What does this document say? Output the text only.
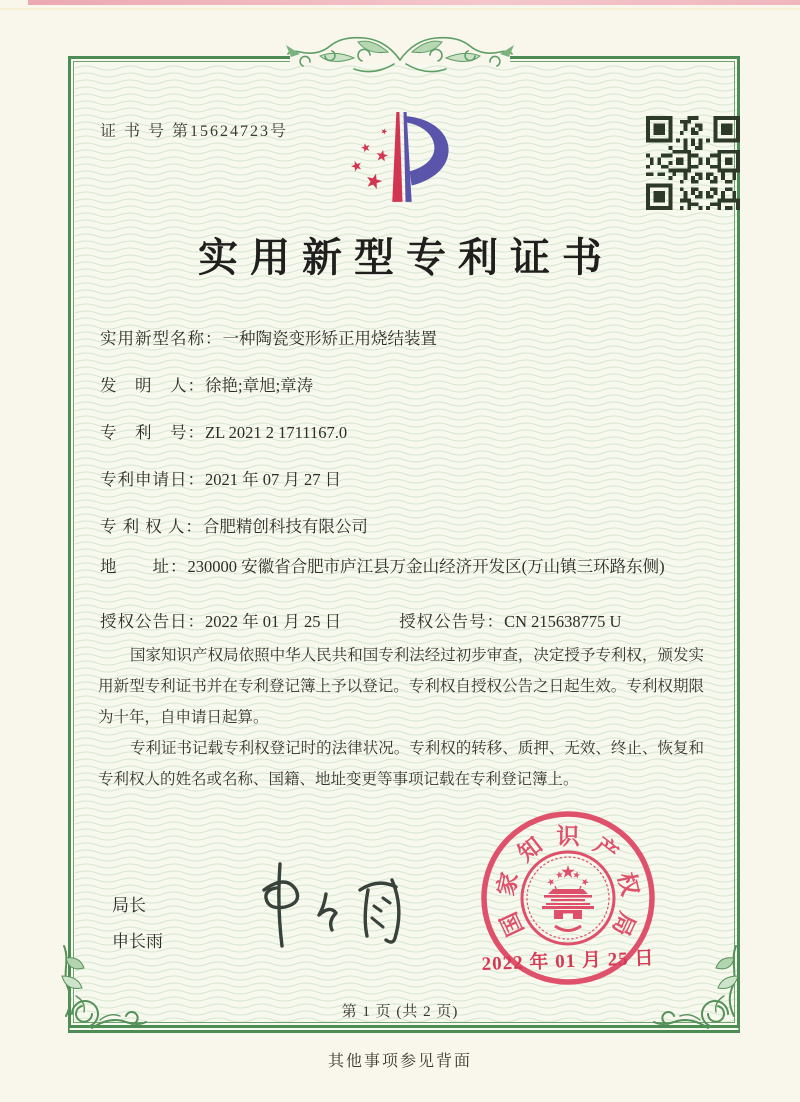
证 书 号 第15624723号
实用新型专利证书
实用新型名称： 一种陶瓷变形矫正用烧结装置
发　明　人： 徐艳;章旭;章涛
专　利　号： ZL 2021 2 1711167.0
专利申请日： 2021 年 07 月 27 日
专 利 权 人： 合肥精创科技有限公司
地　　址： 230000 安徽省合肥市庐江县万金山经济开发区(万山镇三环路东侧)
授权公告日： 2022 年 01 月 25 日	授权公告号： CN 215638775 U

国家知识产权局依照中华人民共和国专利法经过初步审查，决定授予专利权，颁发实用新型专利证书并在专利登记簿上予以登记。专利权自授权公告之日起生效。专利权期限为十年，自申请日起算。

专利证书记载专利权登记时的法律状况。专利权的转移、质押、无效、终止、恢复和专利权人的姓名或名称、国籍、地址变更等事项记载在专利登记簿上。

局长
申长雨
国
家
知 识 产
权
局
2022 年 01 月 25 日
第 1 页 (共 2 页)
其他事项参见背面
